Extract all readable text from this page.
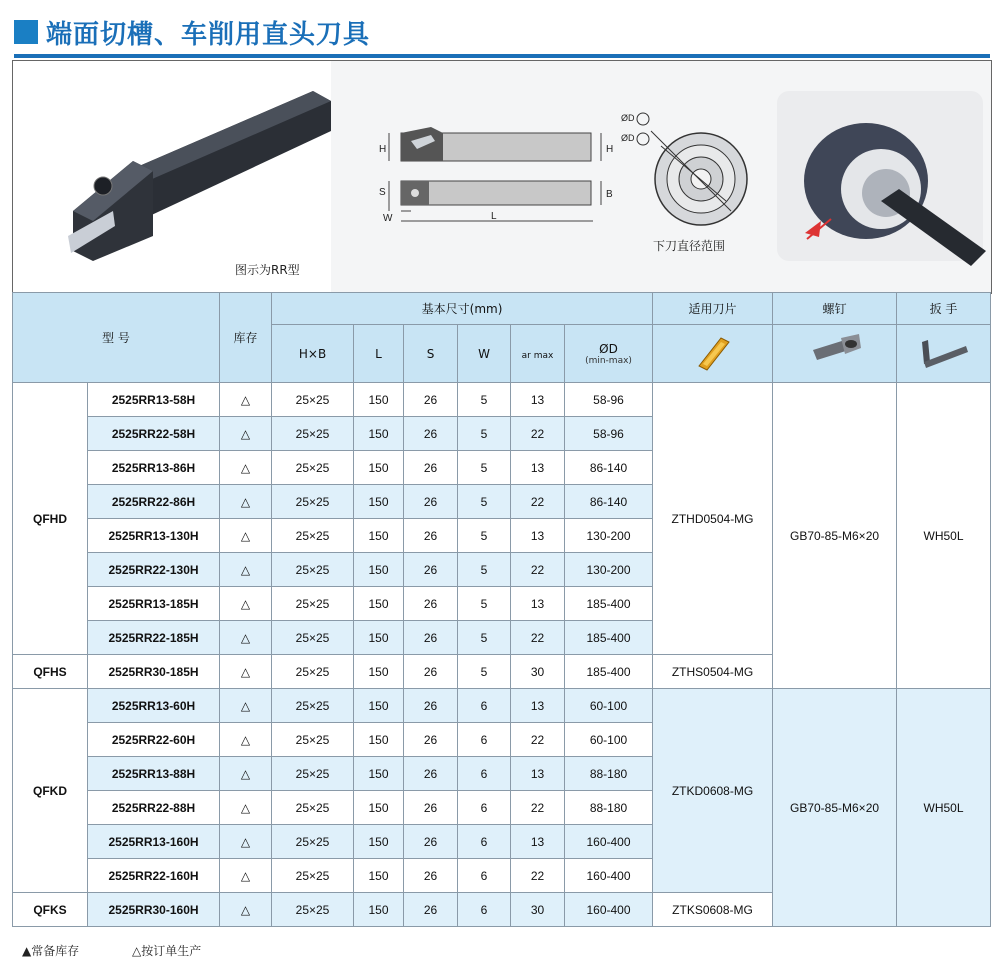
端面切槽、车削用直头刀具
图示为RR型
H	H
S	B
W	L
ØD
ØD
下刀直径范围
型 号		库存	基本尺寸(mm)						适用刀片	螺钉	扳 手
			H×B	L	S	W	ar max	ØD
(min-max)

QFHD	2525RR13-58H	△	25×25	150	26	5	13	58-96	ZTHD0504-MG	GB70-85-M6×20	WH50L
	2525RR22-58H	△	25×25	150	26	5	22	58-96			
	2525RR13-86H	△	25×25	150	26	5	13	86-140			
	2525RR22-86H	△	25×25	150	26	5	22	86-140			
	2525RR13-130H	△	25×25	150	26	5	13	130-200			
	2525RR22-130H	△	25×25	150	26	5	22	130-200			
	2525RR13-185H	△	25×25	150	26	5	13	185-400			
	2525RR22-185H	△	25×25	150	26	5	22	185-400			
QFHS	2525RR30-185H	△	25×25	150	26	5	30	185-400	ZTHS0504-MG		
QFKD	2525RR13-60H	△	25×25	150	26	6	13	60-100	ZTKD0608-MG	GB70-85-M6×20	WH50L
	2525RR22-60H	△	25×25	150	26	6	22	60-100			
	2525RR13-88H	△	25×25	150	26	6	13	88-180			
	2525RR22-88H	△	25×25	150	26	6	22	88-180			
	2525RR13-160H	△	25×25	150	26	6	13	160-400			
	2525RR22-160H	△	25×25	150	26	6	22	160-400			
QFKS	2525RR30-160H	△	25×25	150	26	6	30	160-400	ZTKS0608-MG		
▲常备库存	△按订单生产
